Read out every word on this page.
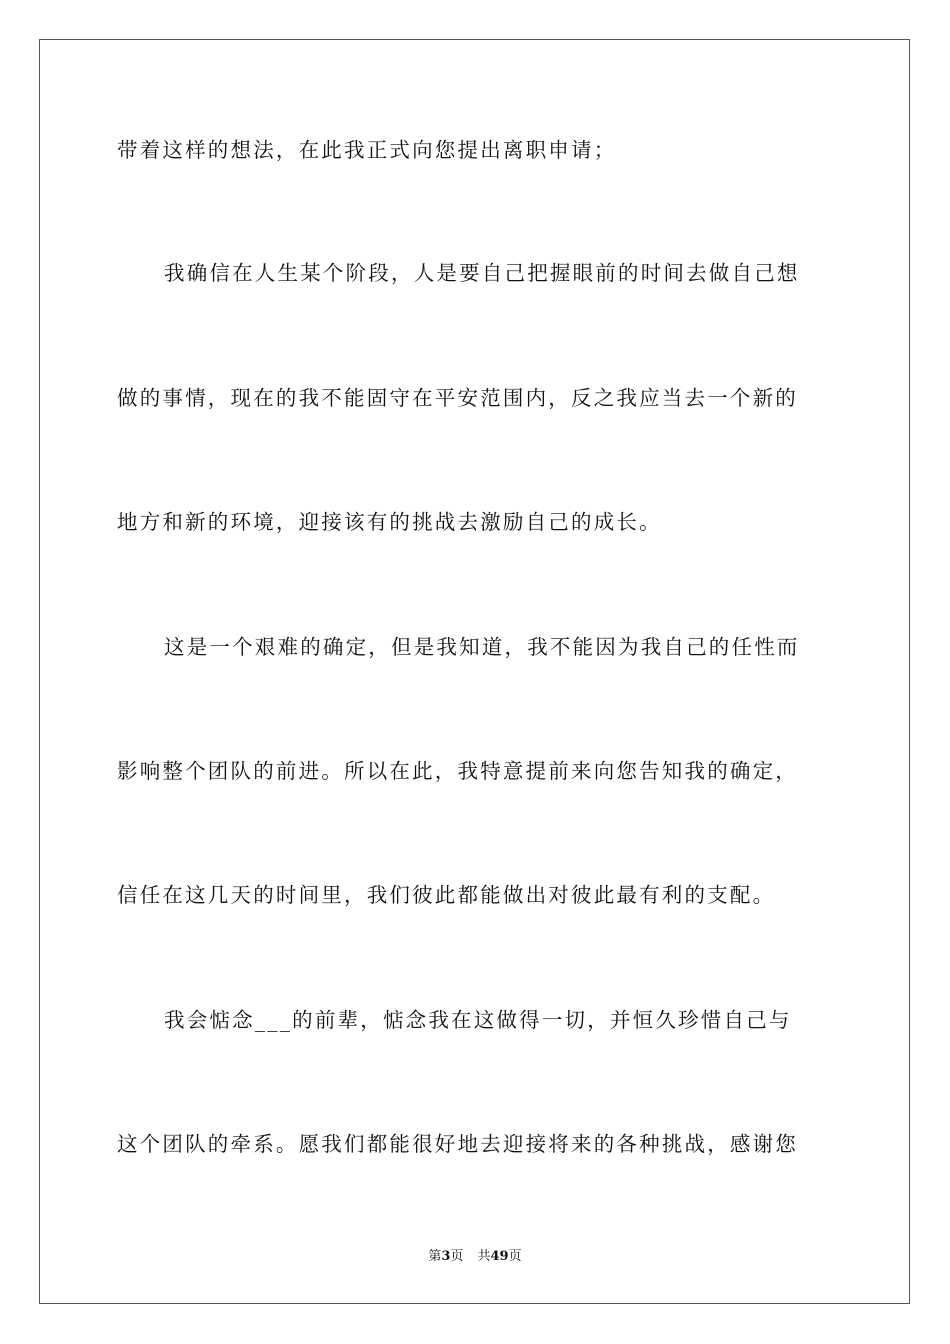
带着这样的想法，在此我正式向您提出离职申请；
我确信在人生某个阶段，人是要自己把握眼前的时间去做自己想
做的事情，现在的我不能固守在平安范围内，反之我应当去一个新的
地方和新的环境，迎接该有的挑战去激励自己的成长。
这是一个艰难的确定，但是我知道，我不能因为我自己的任性而
影响整个团队的前进。所以在此，我特意提前来向您告知我的确定，
信任在这几天的时间里，我们彼此都能做出对彼此最有利的支配。
我会惦念___的前辈，惦念我在这做得一切，并恒久珍惜自己与
这个团队的牵系。愿我们都能很好地去迎接将来的各种挑战，感谢您
第3页 共49页
